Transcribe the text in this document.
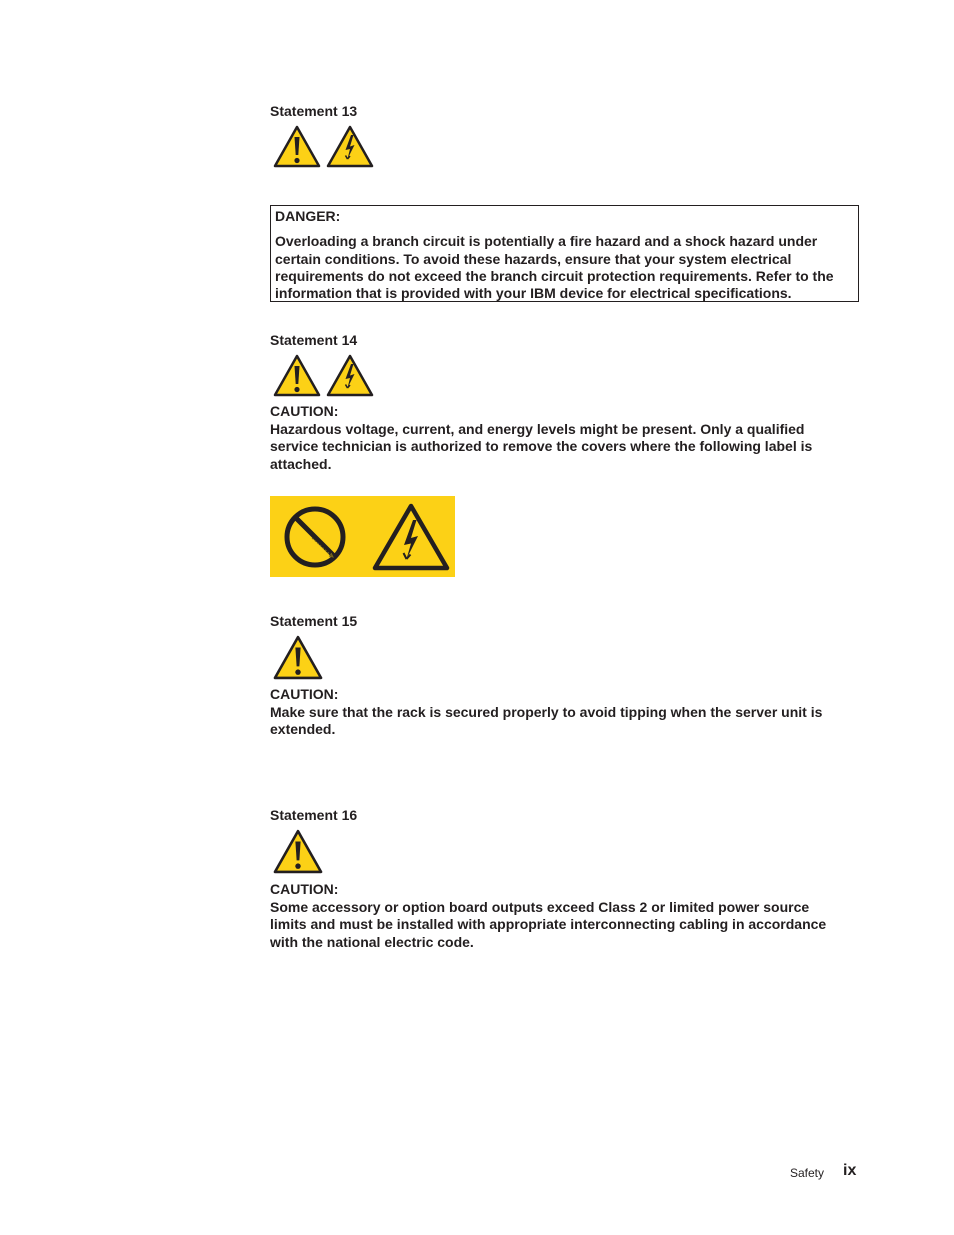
Statement 13
DANGER:
Overloading a branch circuit is potentially a fire hazard and a shock hazard under certain conditions. To avoid these hazards, ensure that your system electrical requirements do not exceed the branch circuit protection requirements. Refer to the information that is provided with your IBM device for electrical specifications.
Statement 14
CAUTION:
Hazardous voltage, current, and energy levels might be present. Only a qualified service technician is authorized to remove the covers where the following label is attached.
Statement 15
CAUTION:
Make sure that the rack is secured properly to avoid tipping when the server unit is extended.
Statement 16
CAUTION:
Some accessory or option board outputs exceed Class 2 or limited power source limits and must be installed with appropriate interconnecting cabling in accordance with the national electric code.
Safety ix
